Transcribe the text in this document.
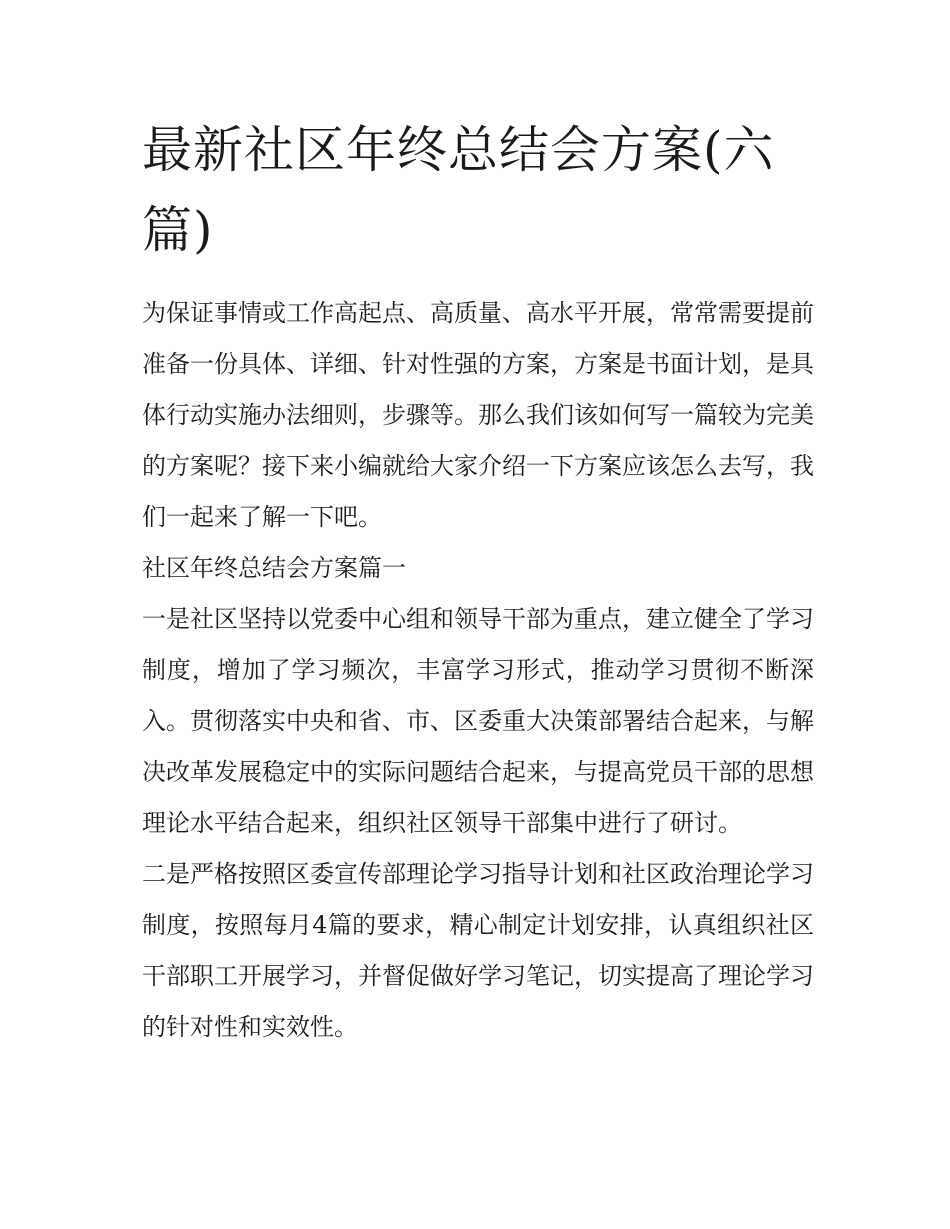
最新社区年终总结会方案(六篇)

为保证事情或工作高起点、高质量、高水平开展，常常需要提前准备一份具体、详细、针对性强的方案，方案是书面计划，是具体行动实施办法细则，步骤等。那么我们该如何写一篇较为完美的方案呢？接下来小编就给大家介绍一下方案应该怎么去写，我们一起来了解一下吧。

社区年终总结会方案篇一

一是社区坚持以党委中心组和领导干部为重点，建立健全了学习制度，增加了学习频次，丰富学习形式，推动学习贯彻不断深入。贯彻落实中央和省、市、区委重大决策部署结合起来，与解决改革发展稳定中的实际问题结合起来，与提高党员干部的思想理论水平结合起来，组织社区领导干部集中进行了研讨。

二是严格按照区委宣传部理论学习指导计划和社区政治理论学习制度，按照每月4篇的要求，精心制定计划安排，认真组织社区干部职工开展学习，并督促做好学习笔记，切实提高了理论学习的针对性和实效性。
